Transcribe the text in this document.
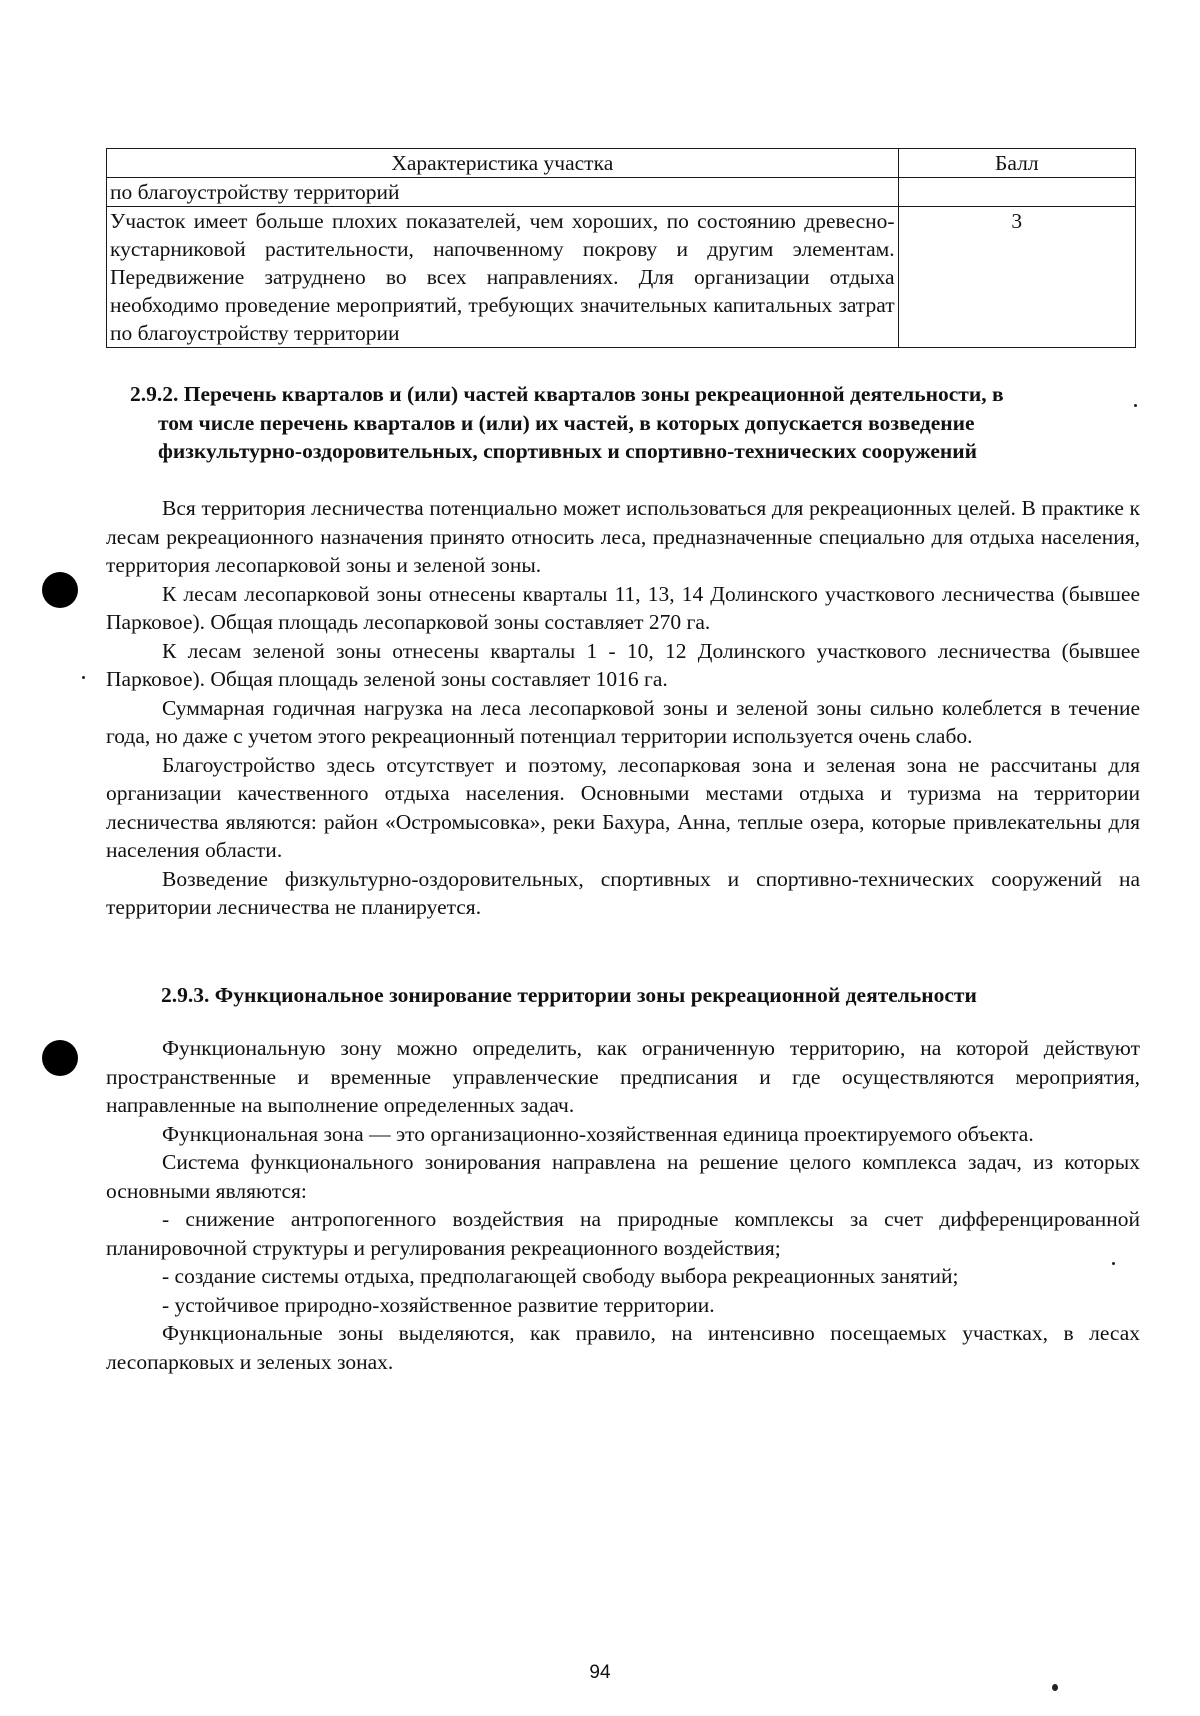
Характеристика участка	Балл
по благоустройству территорий	
Участок имеет больше плохих показателей, чем хороших, по состоянию древесно-кустарниковой растительности, напочвенному покрову и другим элементам. Передвижение затруднено во всех направлениях. Для организации отдыха необходимо проведение мероприятий, требующих значительных капитальных затрат по благоустройству территории	3
2.9.2. Перечень кварталов и (или) частей кварталов зоны рекреационной деятельности, в
том числе перечень кварталов и (или) их частей, в которых допускается возведение
физкультурно-оздоровительных, спортивных и спортивно-технических сооружений

Вся территория лесничества потенциально может использоваться для рекреационных целей. В практике к лесам рекреационного назначения принято относить леса, предназначенные специально для отдыха населения, территория лесопарковой зоны и зеленой зоны.

К лесам лесопарковой зоны отнесены кварталы 11, 13, 14 Долинского участкового лесничества (бывшее Парковое). Общая площадь лесопарковой зоны составляет 270 га.

К лесам зеленой зоны отнесены кварталы 1 - 10, 12 Долинского участкового лесничества (бывшее Парковое). Общая площадь зеленой зоны составляет 1016 га.

Суммарная годичная нагрузка на леса лесопарковой зоны и зеленой зоны сильно колеблется в течение года, но даже с учетом этого рекреационный потенциал территории используется очень слабо.

Благоустройство здесь отсутствует и поэтому, лесопарковая зона и зеленая зона не рассчитаны для организации качественного отдыха населения. Основными местами отдыха и туризма на территории лесничества являются: район «Остромысовка», реки Бахура, Анна, теплые озера, которые привлекательны для населения области.

Возведение физкультурно-оздоровительных, спортивных и спортивно-технических сооружений на территории лесничества не планируется.

2.9.3. Функциональное зонирование территории зоны рекреационной деятельности

Функциональную зону можно определить, как ограниченную территорию, на которой действуют пространственные и временные управленческие предписания и где осуществляются мероприятия, направленные на выполнение определенных задач.

Функциональная зона — это организационно-хозяйственная единица проектируемого объекта.

Система функционального зонирования направлена на решение целого комплекса задач, из которых основными являются:

- снижение антропогенного воздействия на природные комплексы за счет дифференцированной планировочной структуры и регулирования рекреационного воздействия;

- создание системы отдыха, предполагающей свободу выбора рекреационных занятий;

- устойчивое природно-хозяйственное развитие территории.

Функциональные зоны выделяются, как правило, на интенсивно посещаемых участках, в лесах лесопарковых и зеленых зонах.

94
